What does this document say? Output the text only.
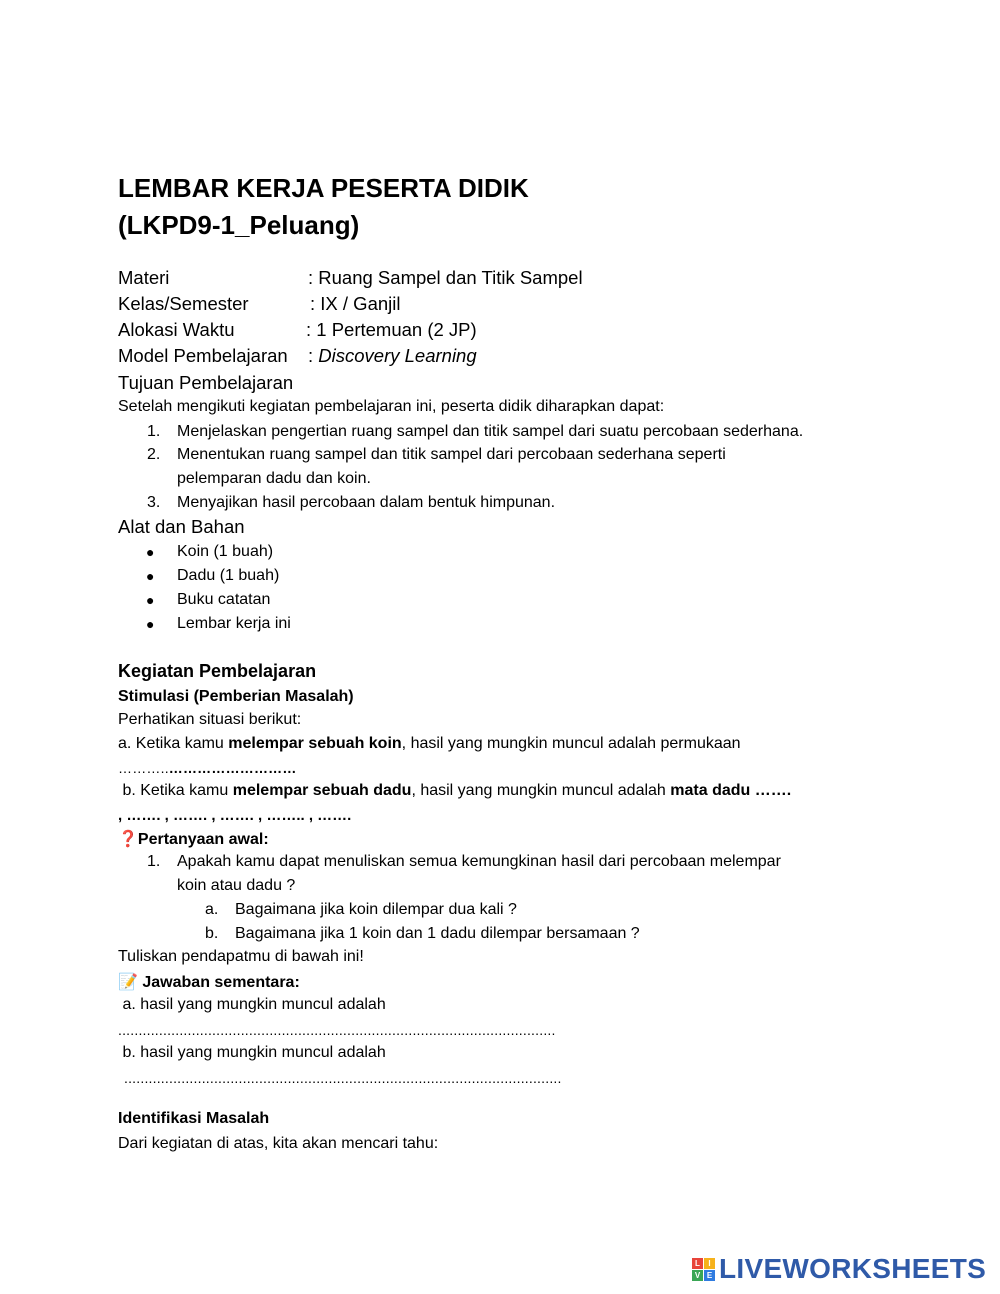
LEMBAR KERJA PESERTA DIDIK
(LKPD9-1_Peluang)
Materi	: Ruang Sampel dan Titik Sampel
Kelas/Semester	: IX / Ganjil
Alokasi Waktu	: 1 Pertemuan (2 JP)
Model Pembelajaran : Discovery Learning
Tujuan Pembelajaran
Setelah mengikuti kegiatan pembelajaran ini, peserta didik diharapkan dapat:
1. Menjelaskan pengertian ruang sampel dan titik sampel dari suatu percobaan sederhana.
2. Menentukan ruang sampel dan titik sampel dari percobaan sederhana seperti
pelemparan dadu dan koin.
3. Menyajikan hasil percobaan dalam bentuk himpunan.
Alat dan Bahan
● Koin (1 buah)
● Dadu (1 buah)
● Buku catatan
● Lembar kerja ini
Kegiatan Pembelajaran
Stimulasi (Pemberian Masalah)
Perhatikan situasi berikut:
a. Ketika kamu melempar sebuah koin, hasil yang mungkin muncul adalah permukaan
………..………………………
b. Ketika kamu melempar sebuah dadu, hasil yang mungkin muncul adalah mata dadu …….
, ……. , ……. , ……. , …….. , …….
❓Pertanyaan awal:
1. Apakah kamu dapat menuliskan semua kemungkinan hasil dari percobaan melempar
koin atau dadu ?
a. Bagaimana jika koin dilempar dua kali ?
b. Bagaimana jika 1 koin dan 1 dadu dilempar bersamaan ?
Tuliskan pendapatmu di bawah ini!
📝 Jawaban sementara:
a. hasil yang mungkin muncul adalah
...........................................................................................................
b. hasil yang mungkin muncul adalah
...........................................................................................................
Identifikasi Masalah
Dari kegiatan di atas, kita akan mencari tahu:
L	I
V E LIVEWORKSHEETS
